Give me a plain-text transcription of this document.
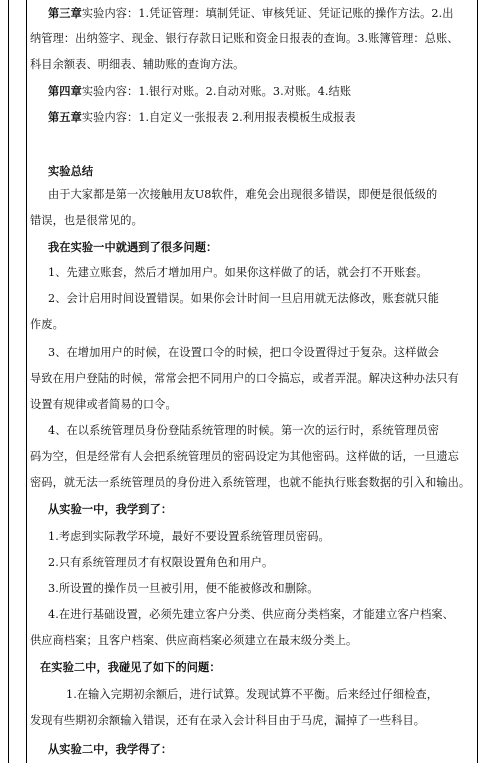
第三章实验内容：1.凭证管理：填制凭证、审核凭证、凭证记账的操作方法。2.出
纳管理：出纳签字、现金、银行存款日记账和资金日报表的查询。3.账簿管理：总账、
科目余额表、明细表、辅助账的查询方法。
第四章实验内容：1.银行对账。2.自动对账。3.对账。4.结账
第五章实验内容：1.自定义一张报表 2.利用报表模板生成报表
实验总结
由于大家都是第一次接触用友U8软件，难免会出现很多错误，即便是很低级的
错误，也是很常见的。
我在实验一中就遇到了很多问题：
1、先建立账套，然后才增加用户。如果你这样做了的话，就会打不开账套。
2、会计启用时间设置错误。如果你会计时间一旦启用就无法修改，账套就只能
作废。
3、在增加用户的时候，在设置口令的时候，把口令设置得过于复杂。这样做会
导致在用户登陆的时候，常常会把不同用户的口令搞忘，或者弄混。解决这种办法只有
设置有规律或者简易的口令。
4、在以系统管理员身份登陆系统管理的时候。第一次的运行时，系统管理员密
码为空，但是经常有人会把系统管理员的密码设定为其他密码。这样做的话，一旦遗忘
密码，就无法一系统管理员的身份进入系统管理，也就不能执行账套数据的引入和输出。
从实验一中，我学到了：
1.考虑到实际教学环境，最好不要设置系统管理员密码。
2.只有系统管理员才有权限设置角色和用户。
3.所设置的操作员一旦被引用，便不能被修改和删除。
4.在进行基础设置，必须先建立客户分类、供应商分类档案，才能建立客户档案、
供应商档案；且客户档案、供应商档案必须建立在最末级分类上。
在实验二中，我碰见了如下的问题：
1.在输入完期初余额后，进行试算。发现试算不平衡。后来经过仔细检查，
发现有些期初余额输入错误，还有在录入会计科目由于马虎，漏掉了一些科目。
从实验二中，我学得了：
